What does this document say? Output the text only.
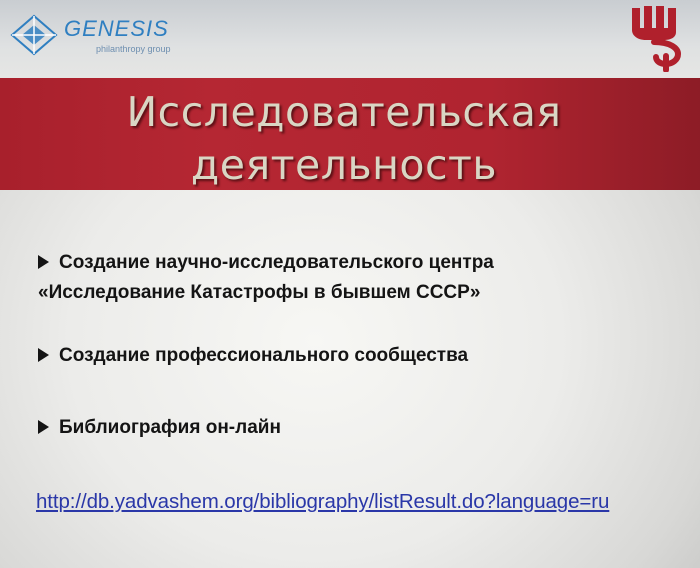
GENESIS
philanthropy group
Исследовательская
деятельность
Создание научно-исследовательского центра
«Исследование Катастрофы в бывшем СССР»
Создание профессионального сообщества
Библиография он-лайн
http://db.yadvashem.org/bibliography/listResult.do?language=ru
